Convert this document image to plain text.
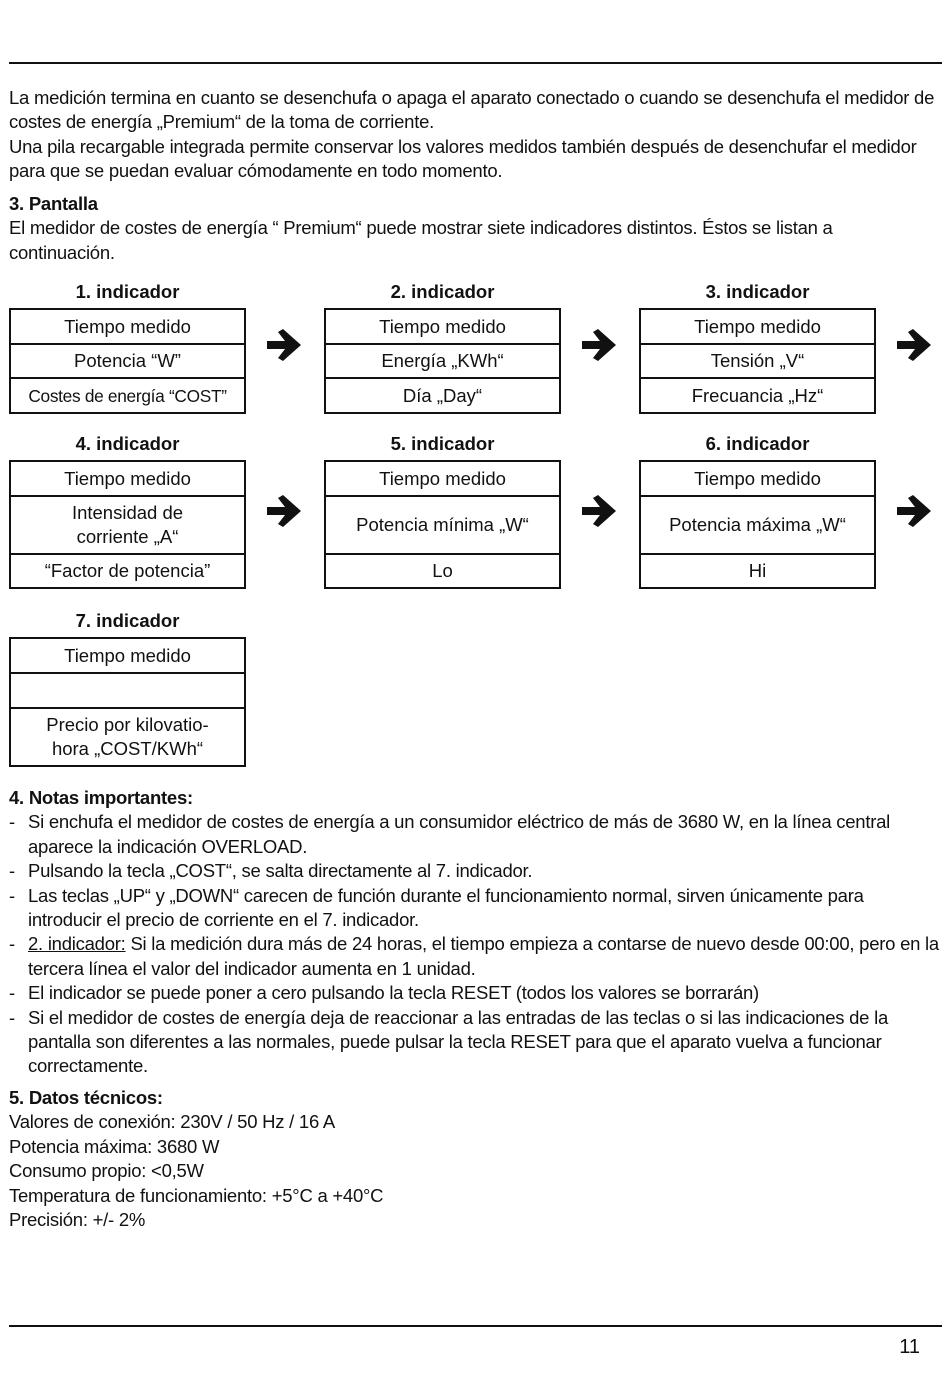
La medición termina en cuanto se desenchufa o apaga el aparato conectado o cuando se desenchufa el medidor de costes de energía „Premium“ de la toma de corriente.

Una pila recargable integrada permite conservar los valores medidos también después de desenchufar el medidor para que se puedan evaluar cómodamente en todo momento.

3. Pantalla

El medidor de costes de energía “ Premium“ puede mostrar siete indicadores distintos. Éstos se listan a continuación.

1. indicador
Tiempo medido
Potencia “W”
Costes de energía “COST”
2. indicador
Tiempo medido
Energía „KWh“
Día „Day“
3. indicador
Tiempo medido
Tensión „V“
Frecuancia „Hz“
4. indicador
Tiempo medido
Intensidad de
corriente „A“
“Factor de potencia”
5. indicador
Tiempo medido
Potencia mínima „W“
Lo
6. indicador
Tiempo medido
Potencia máxima „W“
Hi
7. indicador
Tiempo medido
Precio por kilovatio-
hora „COST/KWh“

4. Notas importantes:

- Si enchufa el medidor de costes de energía a un consumidor eléctrico de más de 3680 W, en la línea central aparece la indicación OVERLOAD.
- Pulsando la tecla „COST“, se salta directamente al 7. indicador.
- Las teclas „UP“ y „DOWN“ carecen de función durante el funcionamiento normal, sirven únicamente para introducir el precio de corriente en el 7. indicador.
- 2. indicador: Si la medición dura más de 24 horas, el tiempo empieza a contarse de nuevo desde 00:00, pero en la tercera línea el valor del indicador aumenta en 1 unidad.
- El indicador se puede poner a cero pulsando la tecla RESET (todos los valores se borrarán)
- Si el medidor de costes de energía deja de reaccionar a las entradas de las teclas o si las indicaciones de la pantalla son diferentes a las normales, puede pulsar la tecla RESET para que el aparato vuelva a funcionar correctamente.

5. Datos técnicos:

Valores de conexión: 230V / 50 Hz / 16 A

Potencia máxima: 3680 W

Consumo propio: <0,5W

Temperatura de funcionamiento: +5°C a +40°C

Precisión: +/- 2%

11
